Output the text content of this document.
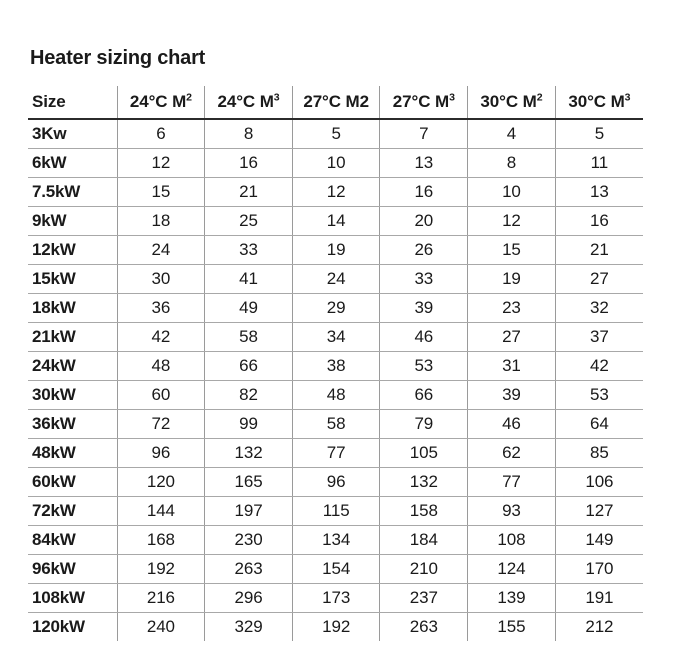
Heater sizing chart
Size	24°C $M^2$	24°C $M^3$	27°C M2	27°C $M^3$	30°C $M^2$	30°C $M^3$
3Kw	6	8	5	7	4	5
6kW	12	16	10	13	8	11
7.5kW	15	21	12	16	10	13
9kW	18	25	14	20	12	16
12kW	24	33	19	26	15	21
15kW	30	41	24	33	19	27
18kW	36	49	29	39	23	32
21kW	42	58	34	46	27	37
24kW	48	66	38	53	31	42
30kW	60	82	48	66	39	53
36kW	72	99	58	79	46	64
48kW	96	132	77	105	62	85
60kW	120	165	96	132	77	106
72kW	144	197	115	158	93	127
84kW	168	230	134	184	108	149
96kW	192	263	154	210	124	170
108kW	216	296	173	237	139	191
120kW	240	329	192	263	155	212
